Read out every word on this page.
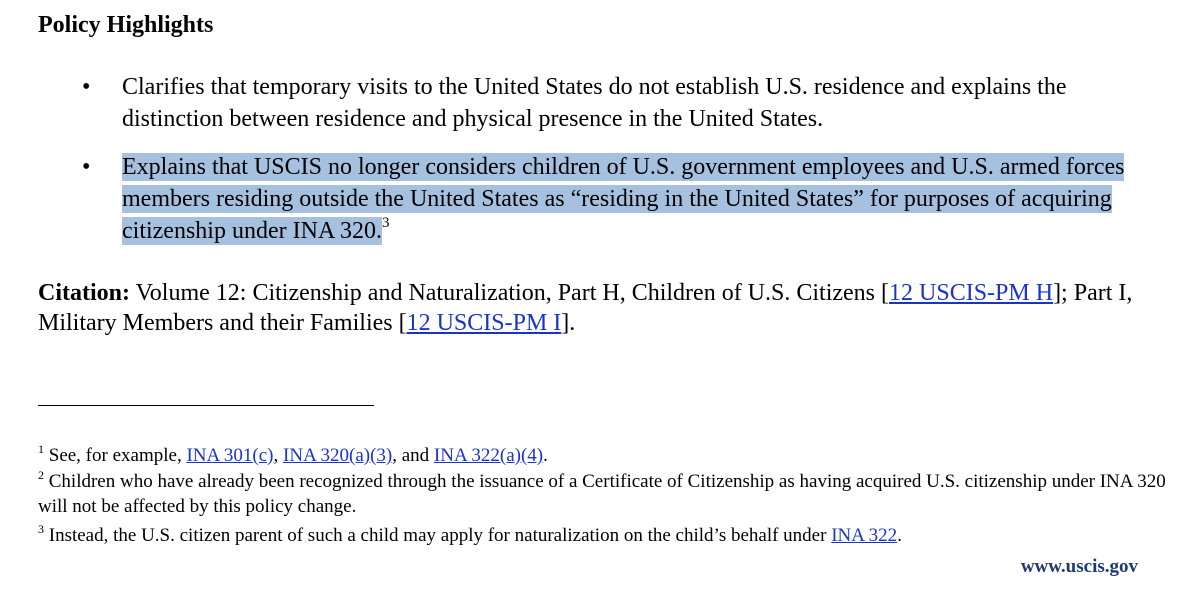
Policy Highlights
• Clarifies that temporary visits to the United States do not establish U.S. residence and explains the distinction between residence and physical presence in the United States.
• Explains that USCIS no longer considers children of U.S. government employees and U.S. armed forces members residing outside the United States as “residing in the United States” for purposes of acquiring citizenship under INA 320.$^3$
Citation: Volume 12: Citizenship and Naturalization, Part H, Children of U.S. Citizens [12 USCIS-PM H]; Part I, Military Members and their Families [12 USCIS-PM I].
$^1$ See, for example, INA 301(c), INA 320(a)(3), and INA 322(a)(4).
$^2$ Children who have already been recognized through the issuance of a Certificate of Citizenship as having acquired U.S. citizenship under INA 320 will not be affected by this policy change.
$^3$ Instead, the U.S. citizen parent of such a child may apply for naturalization on the child’s behalf under INA 322.
www.uscis.gov
